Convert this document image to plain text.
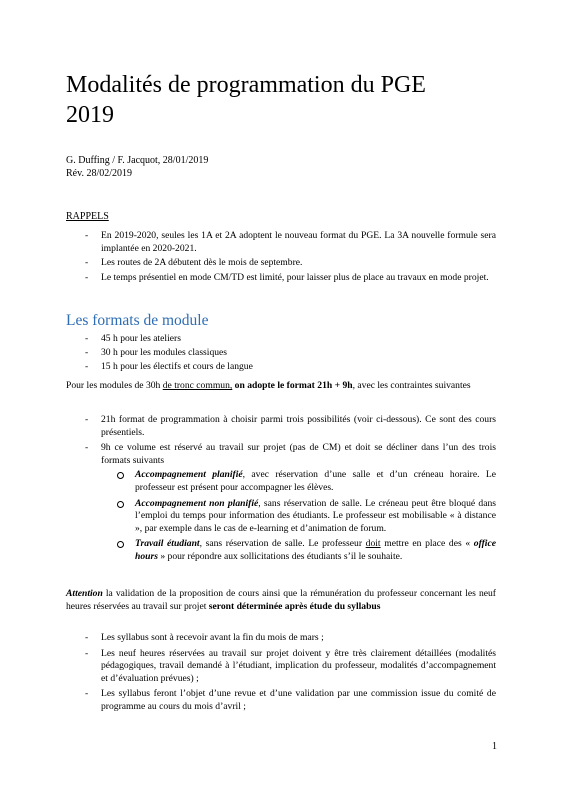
Modalités de programmation du PGE
2019
G. Duffing / F. Jacquot, 28/01/2019
Rév. 28/02/2019
RAPPELS
- En 2019-2020, seules les 1A et 2A adoptent le nouveau format du PGE. La 3A nouvelle formule sera implantée en 2020-2021.
- Les routes de 2A débutent dès le mois de septembre.
- Le temps présentiel en mode CM/TD est limité, pour laisser plus de place au travaux en mode projet.
Les formats de module
- 45 h pour les ateliers
- 30 h pour les modules classiques
- 15 h pour les électifs et cours de langue
Pour les modules de 30h de tronc commun, on adopte le format 21h + 9h, avec les contraintes suivantes
- 21h format de programmation à choisir parmi trois possibilités (voir ci-dessous). Ce sont des cours présentiels.
- 9h ce volume est réservé au travail sur projet (pas de CM) et doit se décliner dans l’un des trois formats suivants
Accompagnement planifié, avec réservation d’une salle et d’un créneau horaire. Le professeur est présent pour accompagner les élèves.
Accompagnement non planifié, sans réservation de salle. Le créneau peut être bloqué dans l’emploi du temps pour information des étudiants. Le professeur est mobilisable « à distance », par exemple dans le cas de e-learning et d’animation de forum.
Travail étudiant, sans réservation de salle. Le professeur doit mettre en place des « office hours » pour répondre aux sollicitations des étudiants s’il le souhaite.
Attention la validation de la proposition de cours ainsi que la rémunération du professeur concernant les neuf heures réservées au travail sur projet seront déterminée après étude du syllabus
- Les syllabus sont à recevoir avant la fin du mois de mars ;
- Les neuf heures réservées au travail sur projet doivent y être très clairement détaillées (modalités pédagogiques, travail demandé à l’étudiant, implication du professeur, modalités d’accompagnement et d’évaluation prévues) ;
- Les syllabus feront l’objet d’une revue et d’une validation par une commission issue du comité de programme au cours du mois d’avril ;
1
